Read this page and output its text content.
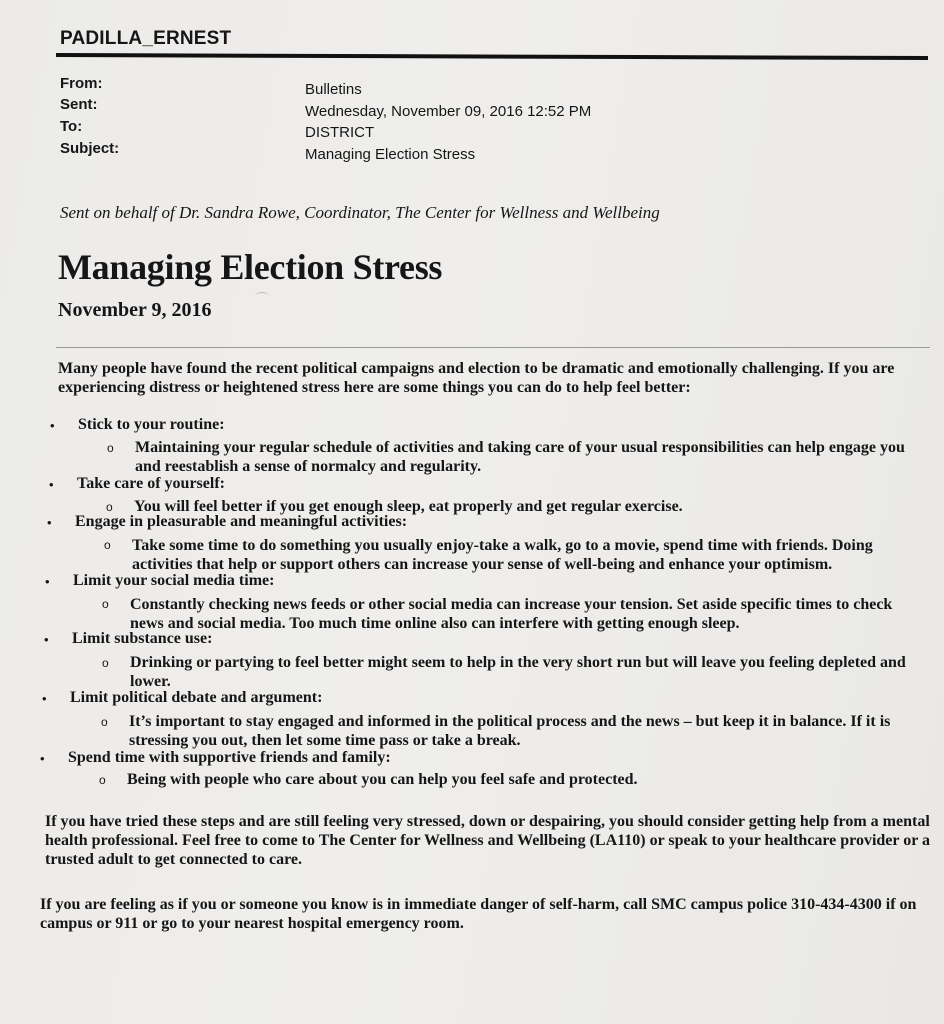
PADILLA_ERNEST
From:	Bulletins
Sent:	Wednesday, November 09, 2016 12:52 PM
To:	DISTRICT
Subject:	Managing Election Stress
Sent on behalf of Dr. Sandra Rowe, Coordinator, The Center for Wellness and Wellbeing
Managing Election Stress
November 9, 2016
Many people have found the recent political campaigns and election to be dramatic and emotionally challenging. If you are experiencing distress or heightened stress here are some things you can do to help feel better:
• Stick to your routine:
o Maintaining your regular schedule of activities and taking care of your usual responsibilities can help engage you and reestablish a sense of normalcy and regularity.
• Take care of yourself:
o You will feel better if you get enough sleep, eat properly and get regular exercise.
• Engage in pleasurable and meaningful activities:
o Take some time to do something you usually enjoy-take a walk, go to a movie, spend time with friends. Doing activities that help or support others can increase your sense of well-being and enhance your optimism.
• Limit your social media time:
o Constantly checking news feeds or other social media can increase your tension. Set aside specific times to check news and social media. Too much time online also can interfere with getting enough sleep.
• Limit substance use:
o Drinking or partying to feel better might seem to help in the very short run but will leave you feeling depleted and lower.
• Limit political debate and argument:
o It’s important to stay engaged and informed in the political process and the news – but keep it in balance. If it is stressing you out, then let some time pass or take a break.
• Spend time with supportive friends and family:
o Being with people who care about you can help you feel safe and protected.
If you have tried these steps and are still feeling very stressed, down or despairing, you should consider getting help from a mental health professional. Feel free to come to The Center for Wellness and Wellbeing (LA110) or speak to your healthcare provider or a trusted adult to get connected to care.
If you are feeling as if you or someone you know is in immediate danger of self-harm, call SMC campus police 310-434-4300 if on campus or 911 or go to your nearest hospital emergency room.
